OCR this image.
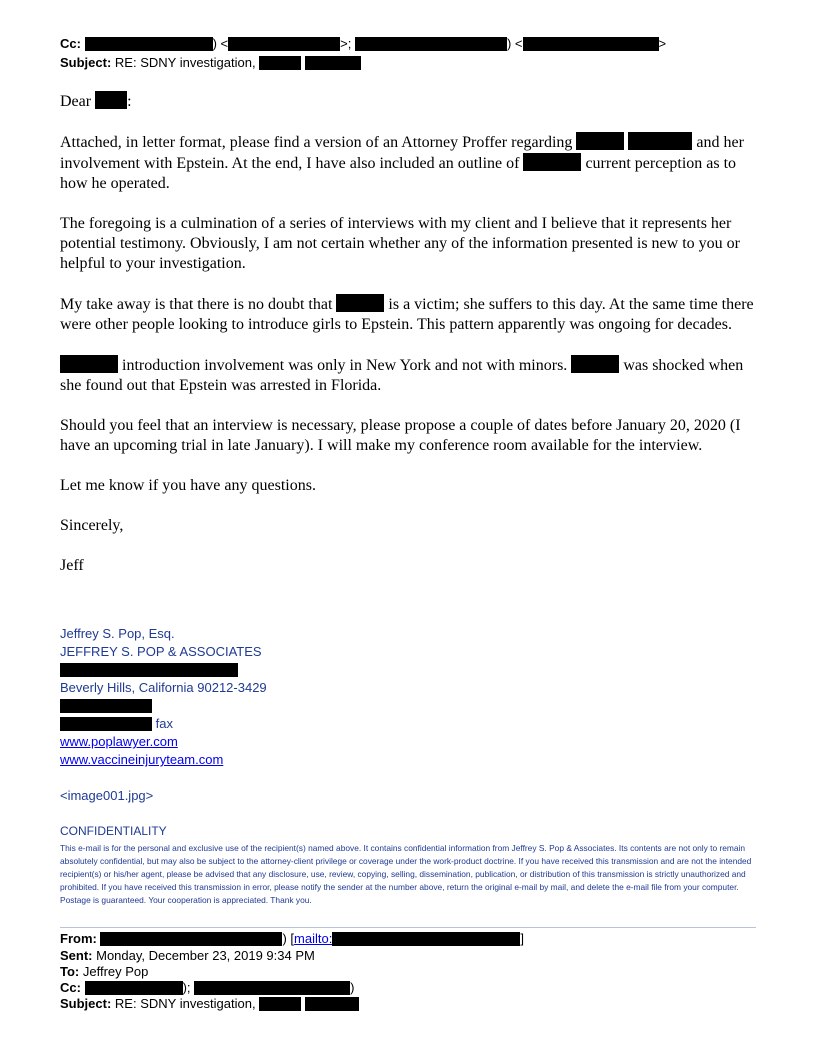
Cc:	) <	>;	) <	>
Subject: RE: SDNY investigation,

Dear :

Attached, in letter format, please find a version of an Attorney Proffer regarding	and her involvement with Epstein. At the end, I have also included an outline of	current perception as to how he operated.

The foregoing is a culmination of a series of interviews with my client and I believe that it represents her potential testimony. Obviously, I am not certain whether any of the information presented is new to you or helpful to your investigation.

My take away is that there is no doubt that	is a victim; she suffers to this day. At the same time there were other people looking to introduce girls to Epstein. This pattern apparently was ongoing for decades.

introduction involvement was only in New York and not with minors.	was shocked when she found out that Epstein was arrested in Florida.

Should you feel that an interview is necessary, please propose a couple of dates before January 20, 2020 (I have an upcoming trial in late January). I will make my conference room available for the interview.

Let me know if you have any questions.

Sincerely,

Jeff

Jeffrey S. Pop, Esq.
JEFFREY S. POP & ASSOCIATES
Beverly Hills, California 90212-3429
fax
www.poplawyer.com
www.vaccineinjuryteam.com
<image001.jpg>
CONFIDENTIALITY
This e-mail is for the personal and exclusive use of the recipient(s) named above. It contains confidential information from Jeffrey S. Pop & Associates. Its contents are not only to remain absolutely confidential, but may also be subject to the attorney-client privilege or coverage under the work-product doctrine. If you have received this transmission and are not the intended recipient(s) or his/her agent, please be advised that any disclosure, use, review, copying, selling, dissemination, publication, or distribution of this transmission is strictly unauthorized and prohibited. If you have received this transmission in error, please notify the sender at the number above, return the original e-mail by mail, and delete the e-mail file from your computer. Postage is guaranteed. Your cooperation is appreciated. Thank you.
From:	) [mailto:	]
Sent: Monday, December 23, 2019 9:34 PM
To: Jeffrey Pop
Cc:	);	)
Subject: RE: SDNY investigation,
